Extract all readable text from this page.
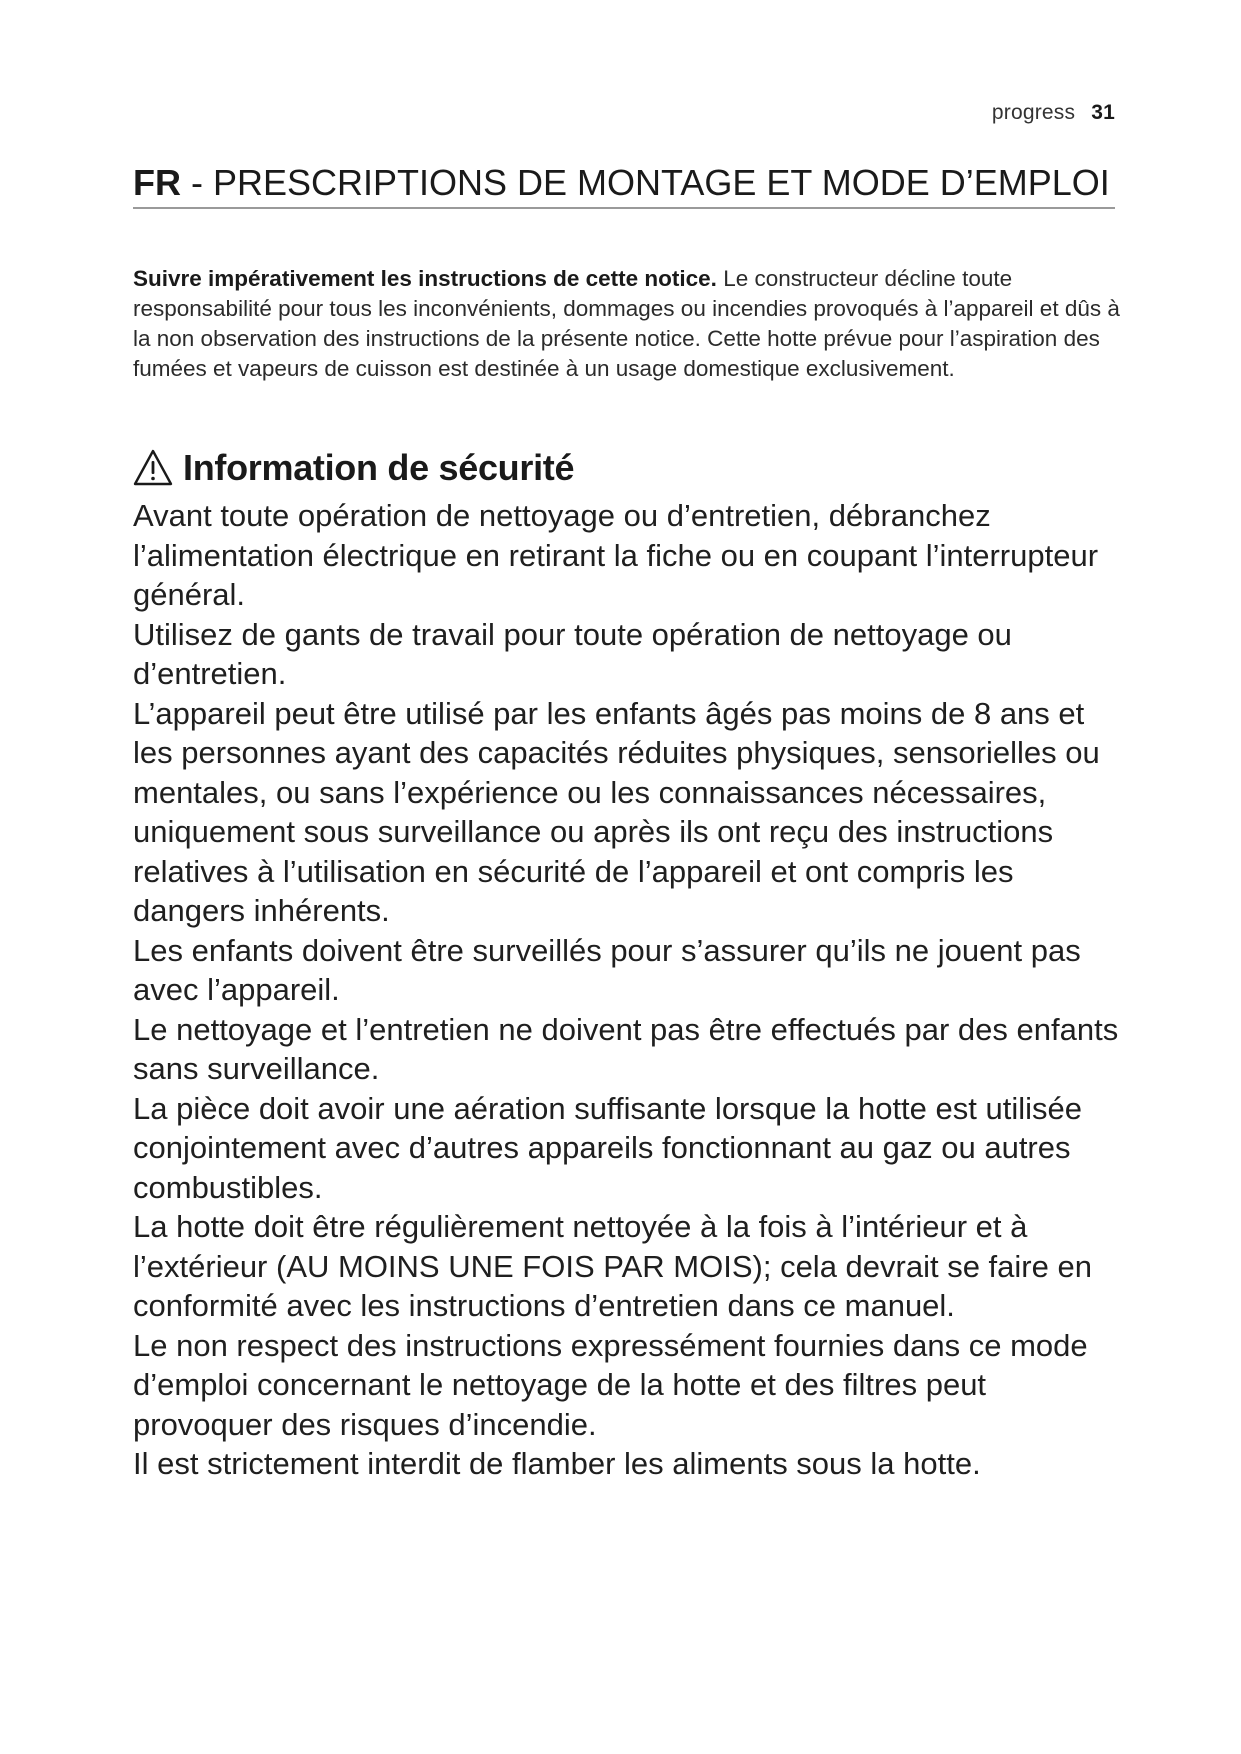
progress 31
FR - PRESCRIPTIONS DE MONTAGE ET MODE D’EMPLOI

Suivre impérativement les instructions de cette notice. Le constructeur décline toute responsabilité pour tous les inconvénients, dommages ou incendies provoqués à l’appareil et dûs à la non observation des instructions de la présente notice. Cette hotte prévue pour l’aspiration des fumées et vapeurs de cuisson est destinée à un usage domestique exclusivement.

Information de sécurité

Avant toute opération de nettoyage ou d’entretien, débranchez l’alimentation électrique en retirant la fiche ou en coupant l’interrupteur général.

Utilisez de gants de travail pour toute opération de nettoyage ou d’entretien.

L’appareil peut être utilisé par les enfants âgés pas moins de 8 ans et les personnes ayant des capacités réduites physiques, sensorielles ou mentales, ou sans l’expérience ou les connaissances nécessaires, uniquement sous surveillance ou après ils ont reçu des instructions relatives à l’utilisation en sécurité de l’appareil et ont compris les dangers inhérents.

Les enfants doivent être surveillés pour s’assurer qu’ils ne jouent pas avec l’appareil.

Le nettoyage et l’entretien ne doivent pas être effectués par des enfants sans surveillance.

La pièce doit avoir une aération suffisante lorsque la hotte est utilisée conjointement avec d’autres appareils fonctionnant au gaz ou autres combustibles.

La hotte doit être régulièrement nettoyée à la fois à l’intérieur et à l’extérieur (AU MOINS UNE FOIS PAR MOIS); cela devrait se faire en conformité avec les instructions d’entretien dans ce manuel.

Le non respect des instructions expressément fournies dans ce mode d’emploi concernant le nettoyage de la hotte et des filtres peut provoquer des risques d’incendie.

Il est strictement interdit de flamber les aliments sous la hotte.
